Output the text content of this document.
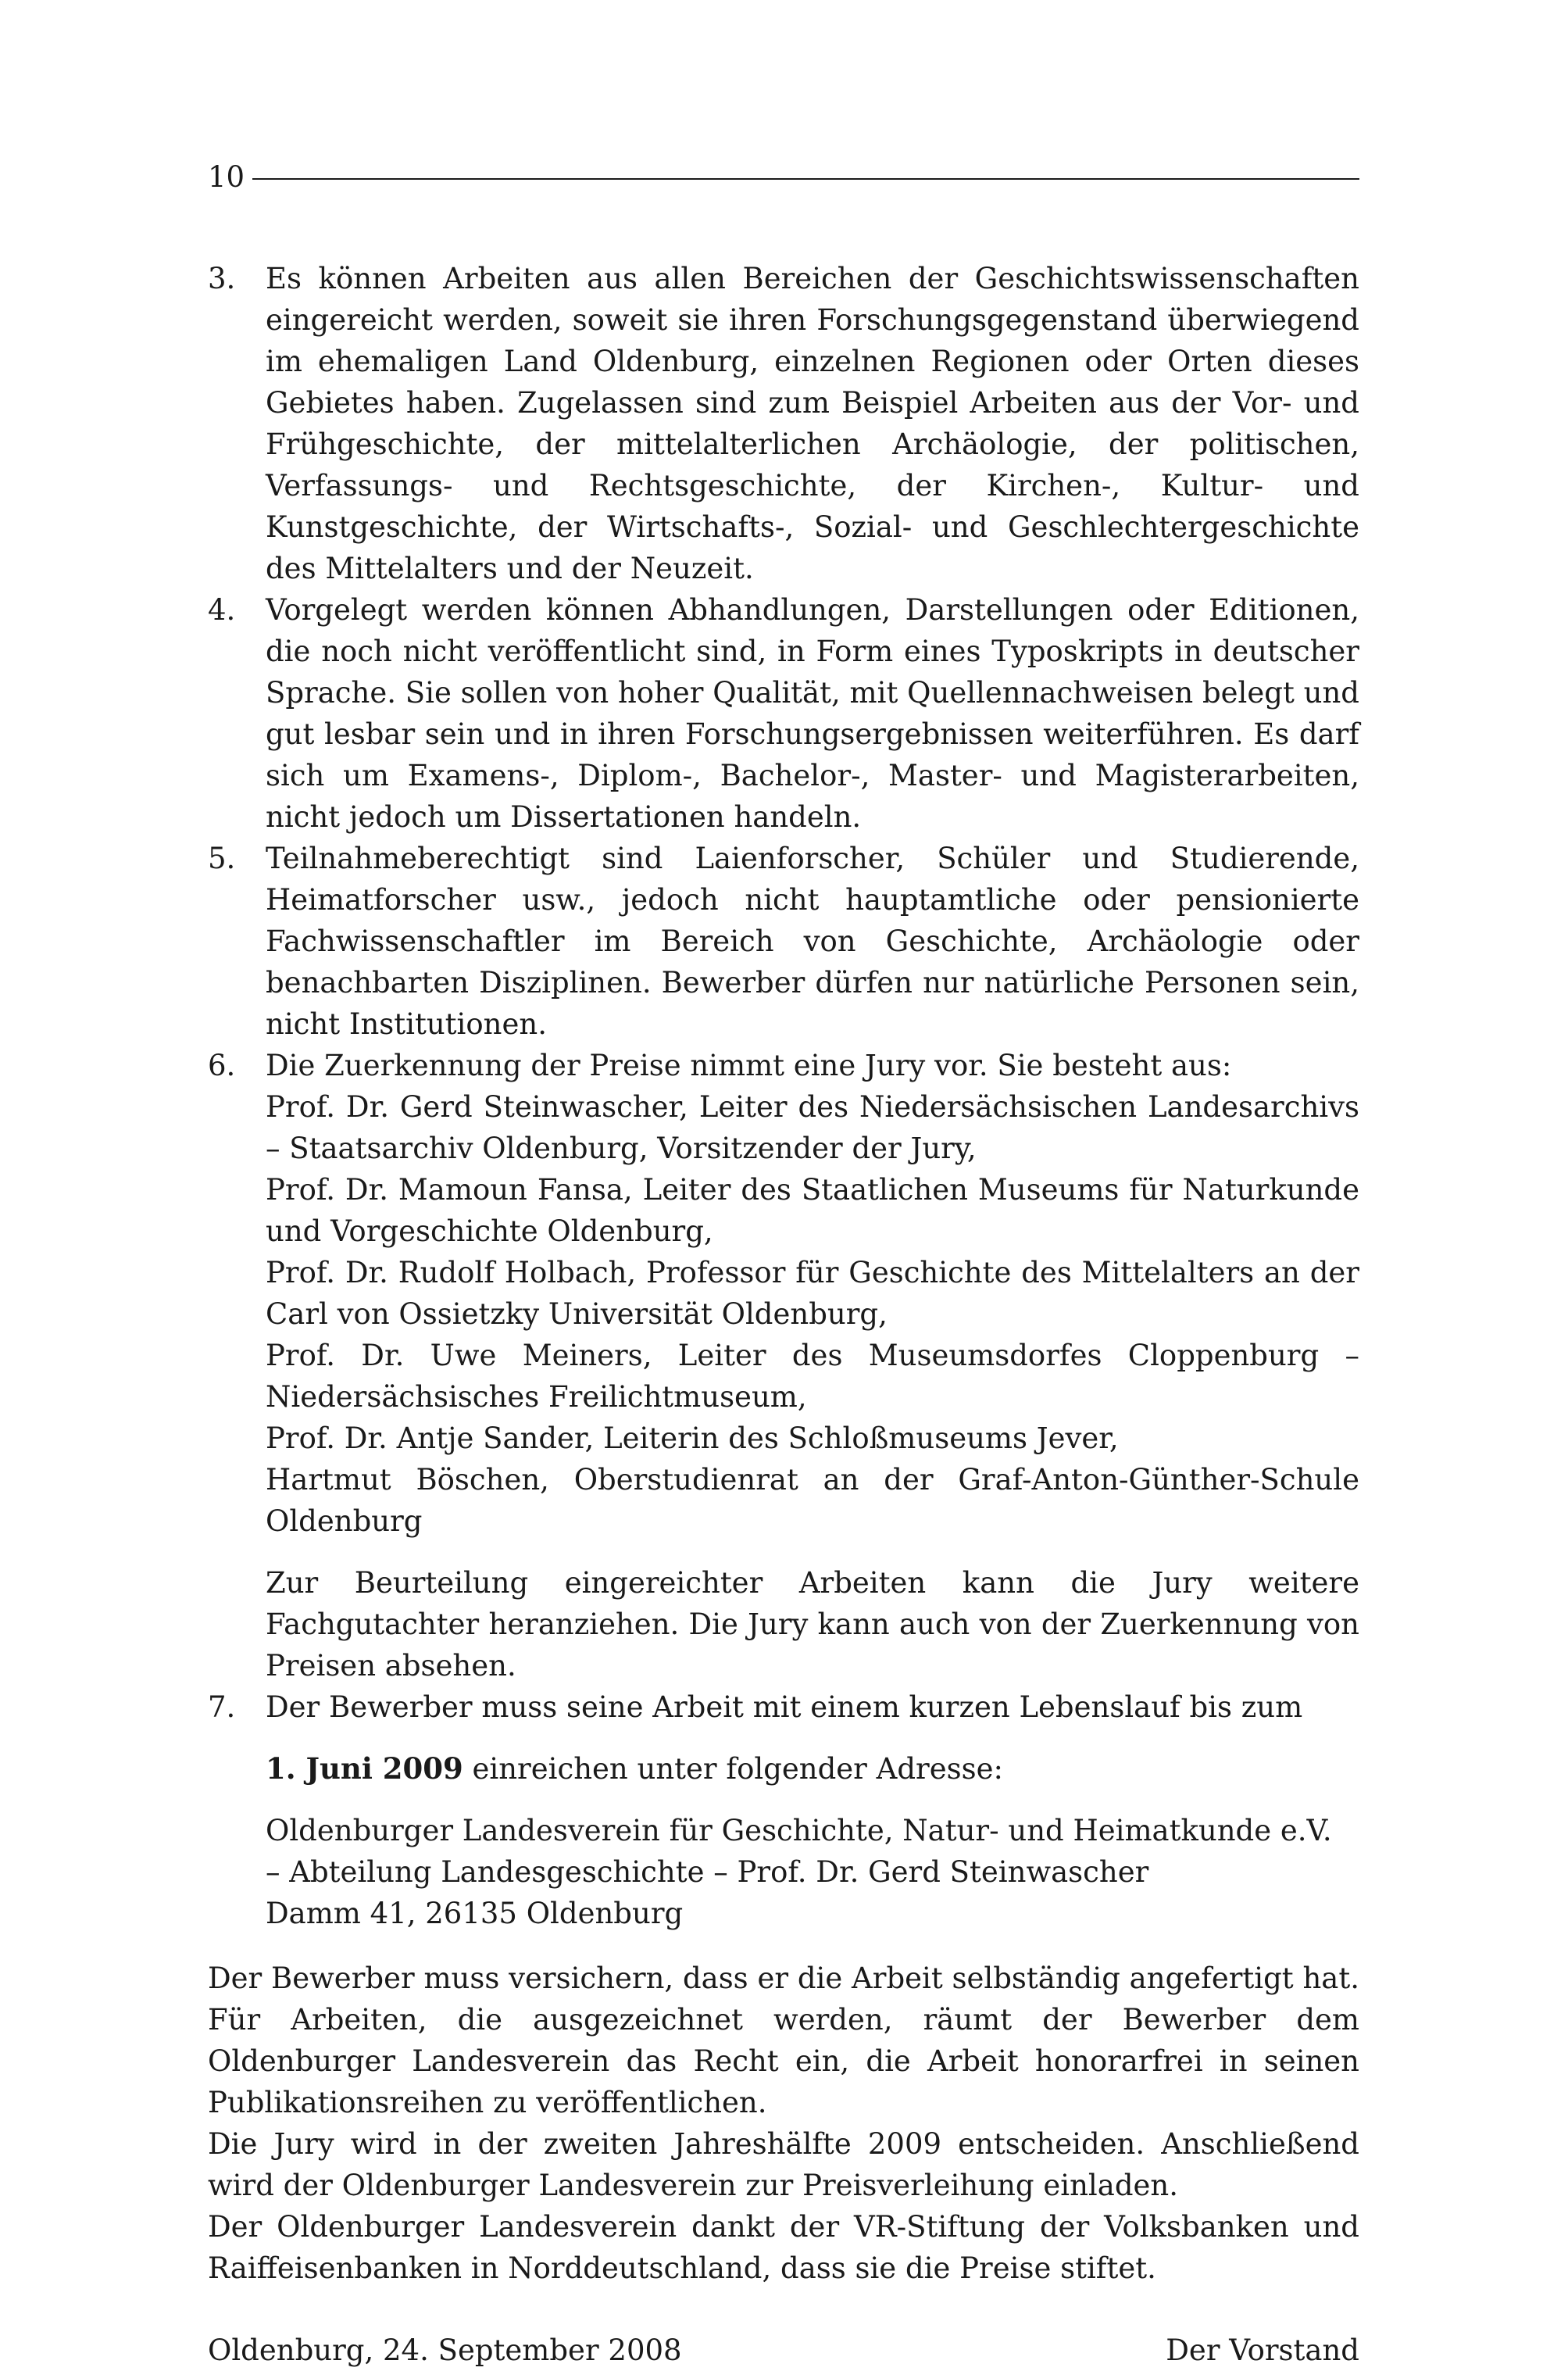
10
3.	Es können Arbeiten aus allen Bereichen der Geschichtswissenschaften eingereicht werden, soweit sie ihren Forschungsgegenstand überwiegend im ehemaligen Land Oldenburg, einzelnen Regionen oder Orten dieses Gebietes haben. Zugelassen sind zum Beispiel Arbeiten aus der Vor- und Frühgeschichte, der mittelalterlichen Archäologie, der politischen, Verfassungs- und Rechtsgeschichte, der Kirchen-, Kultur- und Kunstgeschichte, der Wirtschafts-, Sozial- und Geschlechtergeschichte des Mittelalters und der Neuzeit.

4.	Vorgelegt werden können Abhandlungen, Darstellungen oder Editionen, die noch nicht veröffentlicht sind, in Form eines Typoskripts in deutscher Sprache. Sie sollen von hoher Qualität, mit Quellennachweisen belegt und gut lesbar sein und in ihren Forschungsergebnissen weiterführen. Es darf sich um Examens-, Diplom-, Bachelor-, Master- und Magisterarbeiten, nicht jedoch um Dissertationen handeln.

5.	Teilnahmeberechtigt sind Laienforscher, Schüler und Studierende, Heimatforscher usw., jedoch nicht hauptamtliche oder pensionierte Fachwissenschaftler im Bereich von Geschichte, Archäologie oder benachbarten Disziplinen. Bewerber dürfen nur natürliche Personen sein, nicht Institutionen.

6.	Die Zuerkennung der Preise nimmt eine Jury vor. Sie besteht aus:

Prof. Dr. Gerd Steinwascher, Leiter des Niedersächsischen Landesarchivs – Staatsarchiv Oldenburg, Vorsitzender der Jury,

Prof. Dr. Mamoun Fansa, Leiter des Staatlichen Museums für Naturkunde und Vorgeschichte Oldenburg,

Prof. Dr. Rudolf Holbach, Professor für Geschichte des Mittelalters an der Carl von Ossietzky Universität Oldenburg,

Prof. Dr. Uwe Meiners, Leiter des Museumsdorfes Cloppenburg – Niedersächsisches Freilichtmuseum,

Prof. Dr. Antje Sander, Leiterin des Schloßmuseums Jever,

Hartmut Böschen, Oberstudienrat an der Graf-Anton-Günther-Schule Oldenburg

Zur Beurteilung eingereichter Arbeiten kann die Jury weitere Fachgutachter heranziehen. Die Jury kann auch von der Zuerkennung von Preisen absehen.

7.	Der Bewerber muss seine Arbeit mit einem kurzen Lebenslauf bis zum

1. Juni 2009 einreichen unter folgender Adresse:

Oldenburger Landesverein für Geschichte, Natur- und Heimatkunde e.V.

– Abteilung Landesgeschichte – Prof. Dr. Gerd Steinwascher

Damm 41, 26135 Oldenburg

Der Bewerber muss versichern, dass er die Arbeit selbständig angefertigt hat. Für Arbeiten, die ausgezeichnet werden, räumt der Bewerber dem Oldenburger Landesverein das Recht ein, die Arbeit honorarfrei in seinen Publikationsreihen zu veröffentlichen.

Die Jury wird in der zweiten Jahreshälfte 2009 entscheiden. Anschließend wird der Oldenburger Landesverein zur Preisverleihung einladen.

Der Oldenburger Landesverein dankt der VR-Stiftung der Volksbanken und Raiffeisenbanken in Norddeutschland, dass sie die Preise stiftet.

Oldenburg, 24. September 2008	Der Vorstand
